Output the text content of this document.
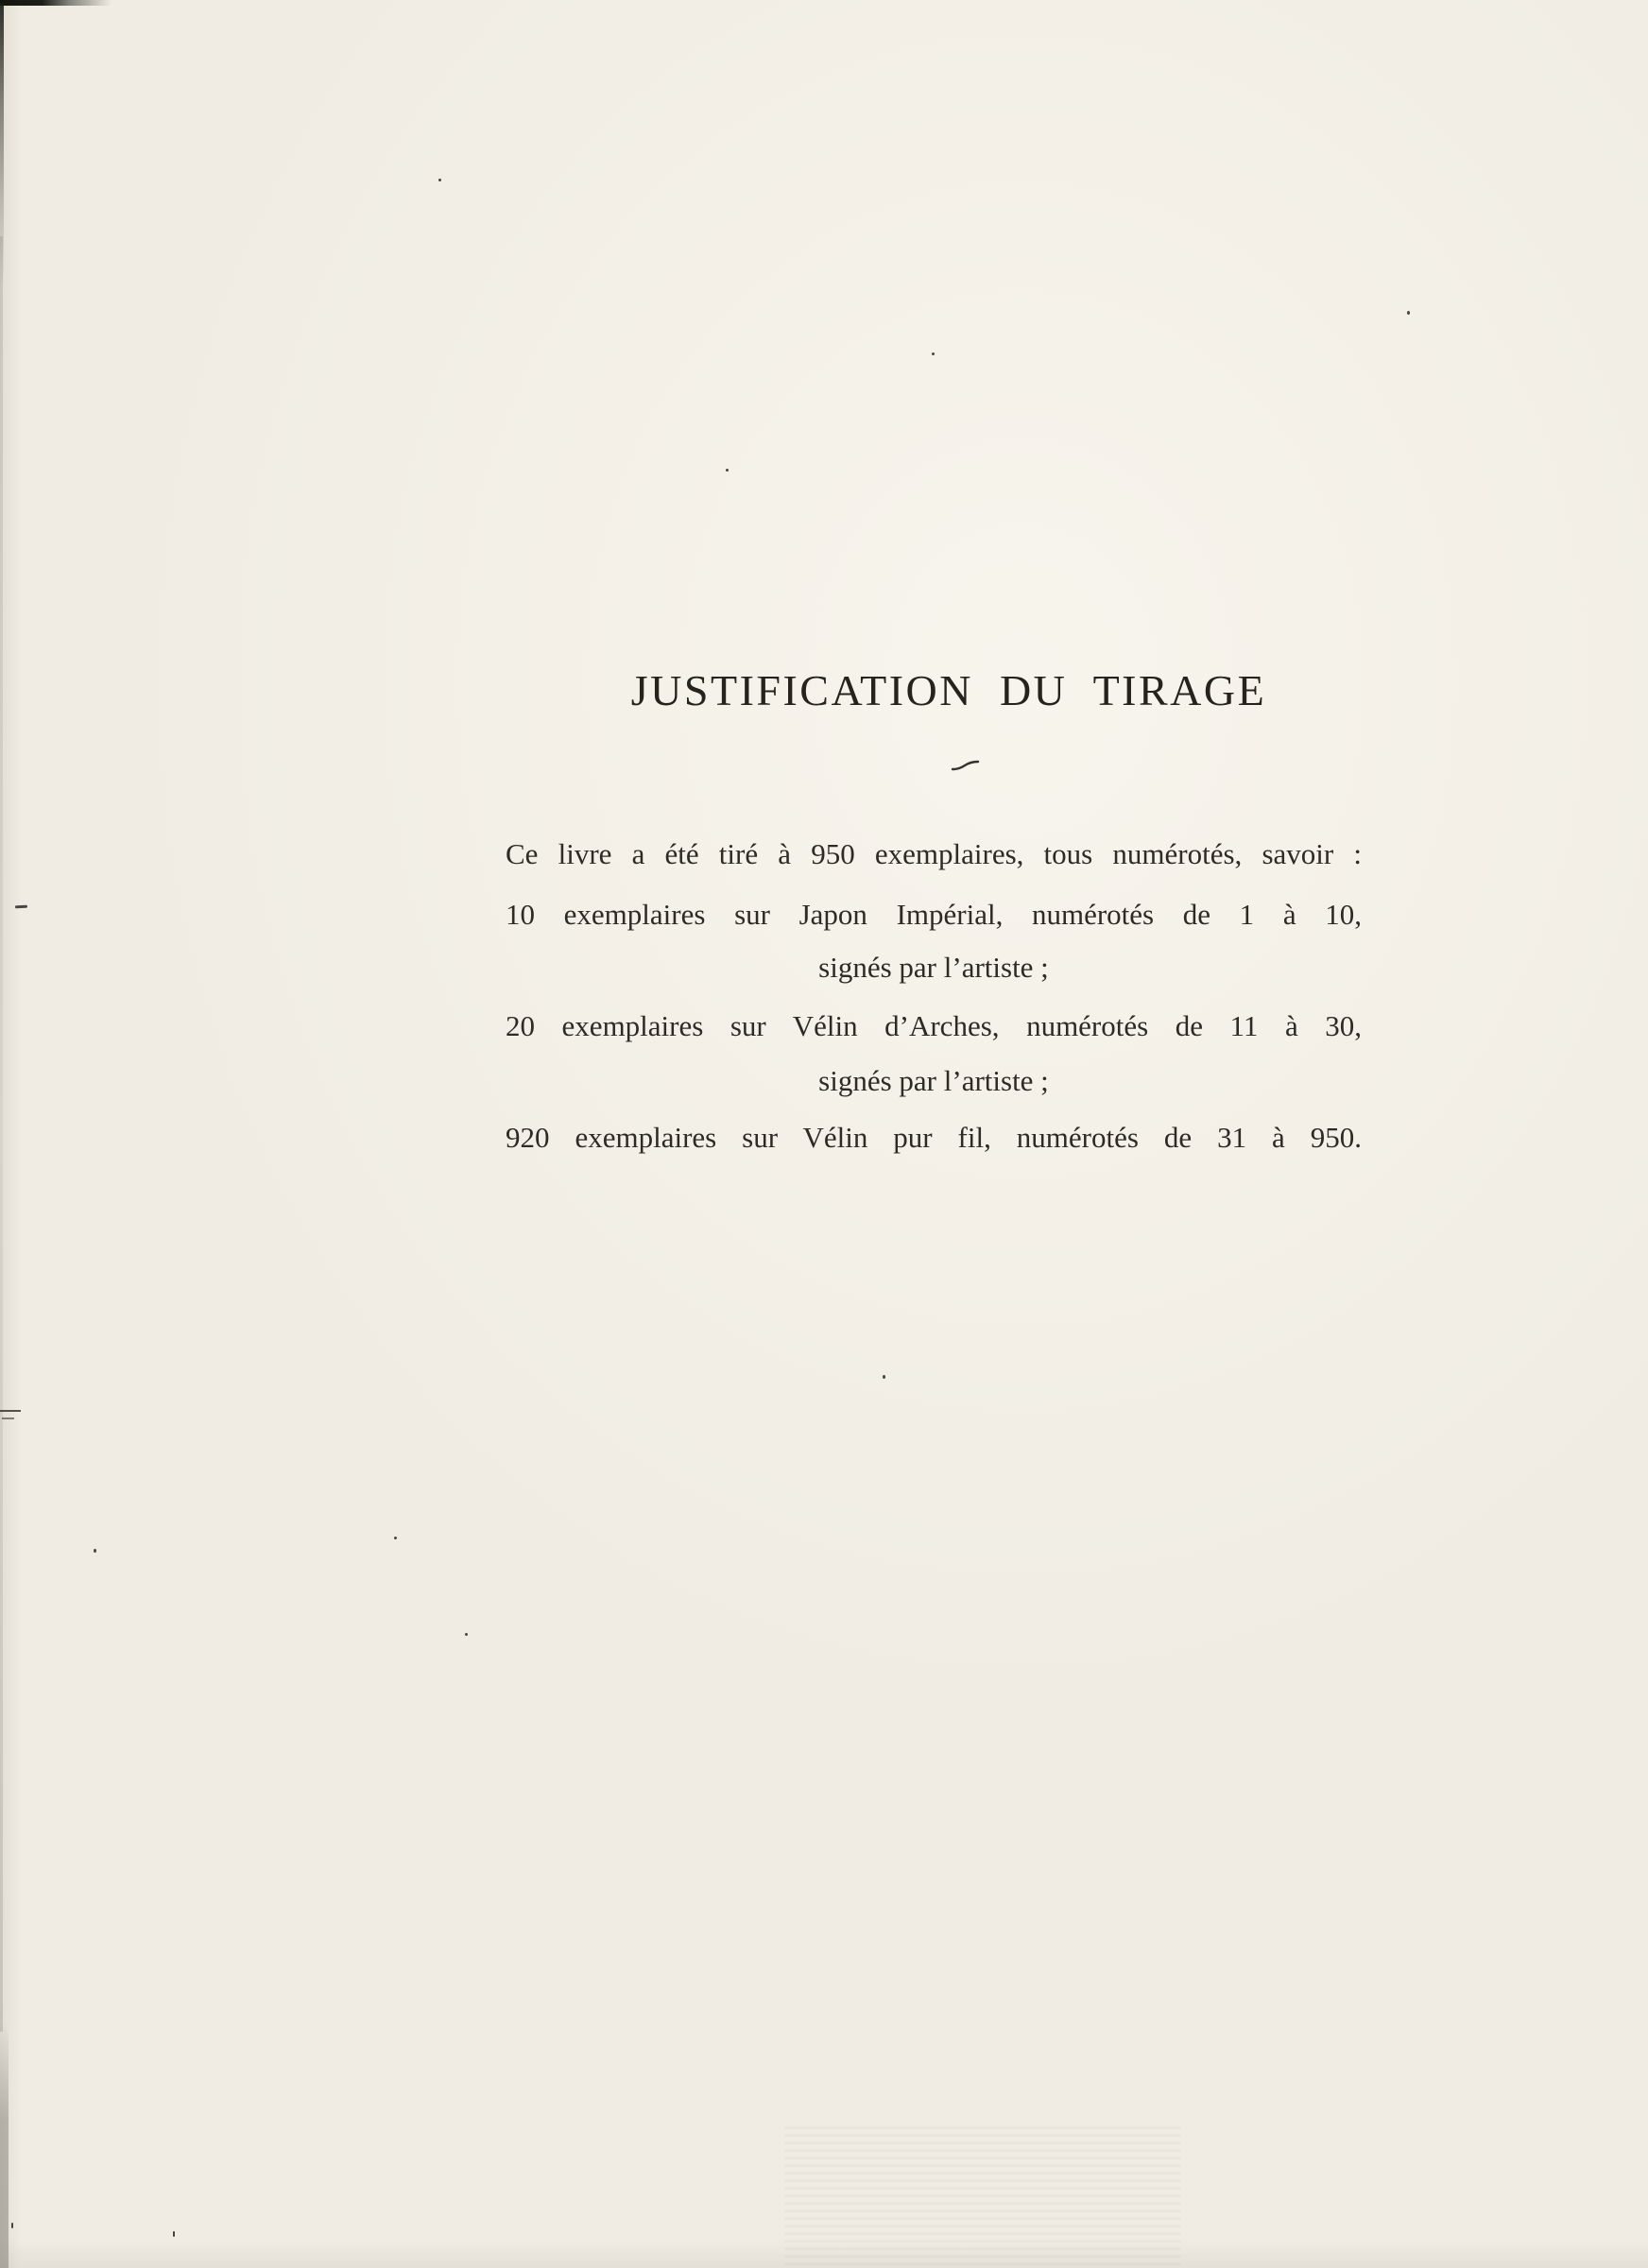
JUSTIFICATION DU TIRAGE
Ce livre a été tiré à 950 exemplaires, tous numérotés, savoir :
10 exemplaires sur Japon Impérial, numérotés de 1 à 10,
signés par l’artiste ;
20 exemplaires sur Vélin d’Arches, numérotés de 11 à 30,
signés par l’artiste ;
920 exemplaires sur Vélin pur fil, numérotés de 31 à 950.
